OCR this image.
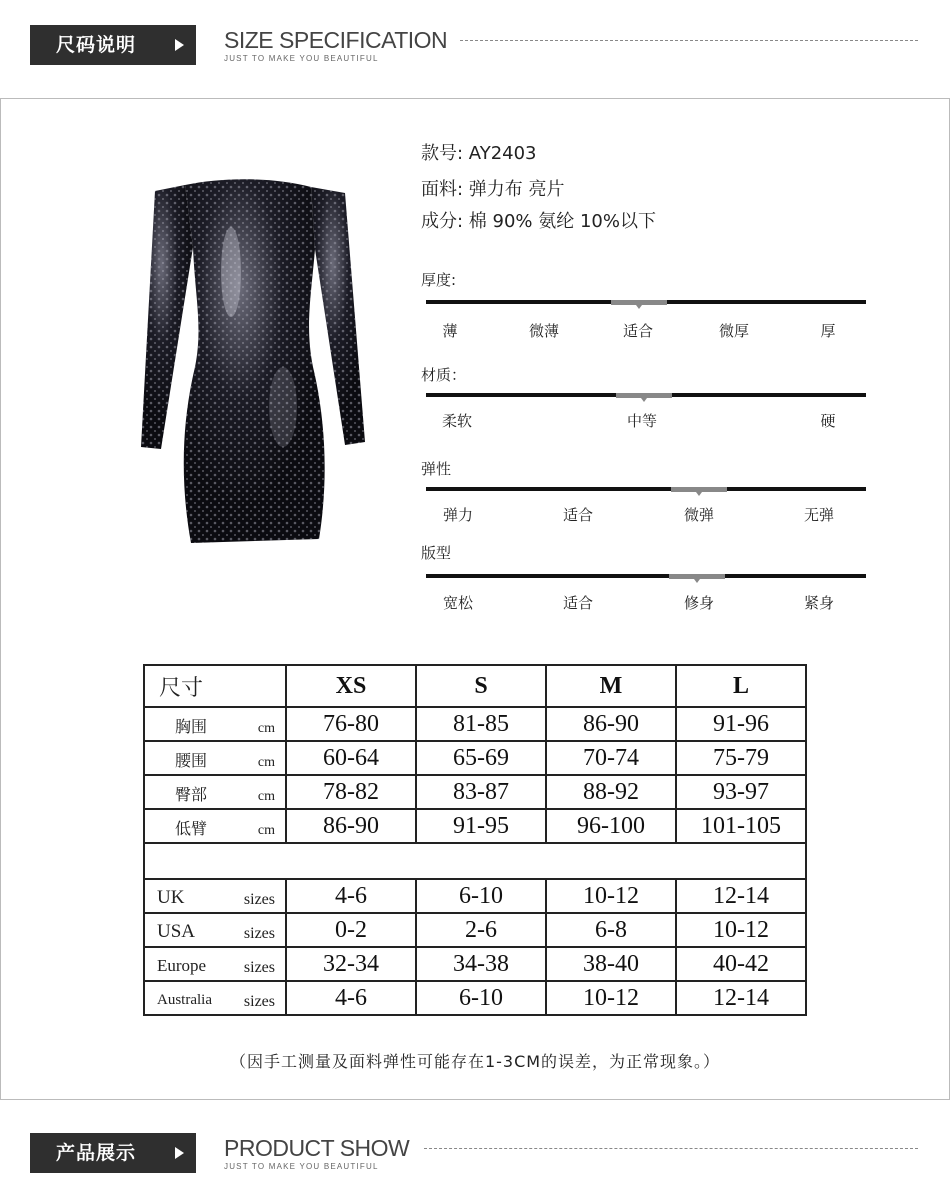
尺码说明	SIZE SPECIFICATION
JUST TO MAKE YOU BEAUTIFUL
款号: AY2403
面料: 弹力布 亮片
成分: 棉 90% 氨纶 10%以下
厚度:
薄	微薄	适合	微厚	厚
材质：
柔软	中等	硬
弹性
弹力	适合	微弹	无弹
版型
宽松	适合	修身	紧身
尺寸	XS	S	M	L

胸围 cm	76-80	81-85	86-90	91-96

腰围 cm	60-64	65-69	70-74	75-79

臀部 cm	78-82	83-87	88-92	93-97

低臂 cm	86-90	91-95	96-100	101-105

UK sizes	4-6	6-10	10-12	12-14

USA sizes	0-2	2-6	6-8	10-12

Europe sizes	32-34	34-38	38-40	40-42

Australia sizes	4-6	6-10	10-12	12-14
（因手工测量及面料弹性可能存在1-3CM的误差，为正常现象。）
产品展示	PRODUCT SHOW
JUST TO MAKE YOU BEAUTIFUL
